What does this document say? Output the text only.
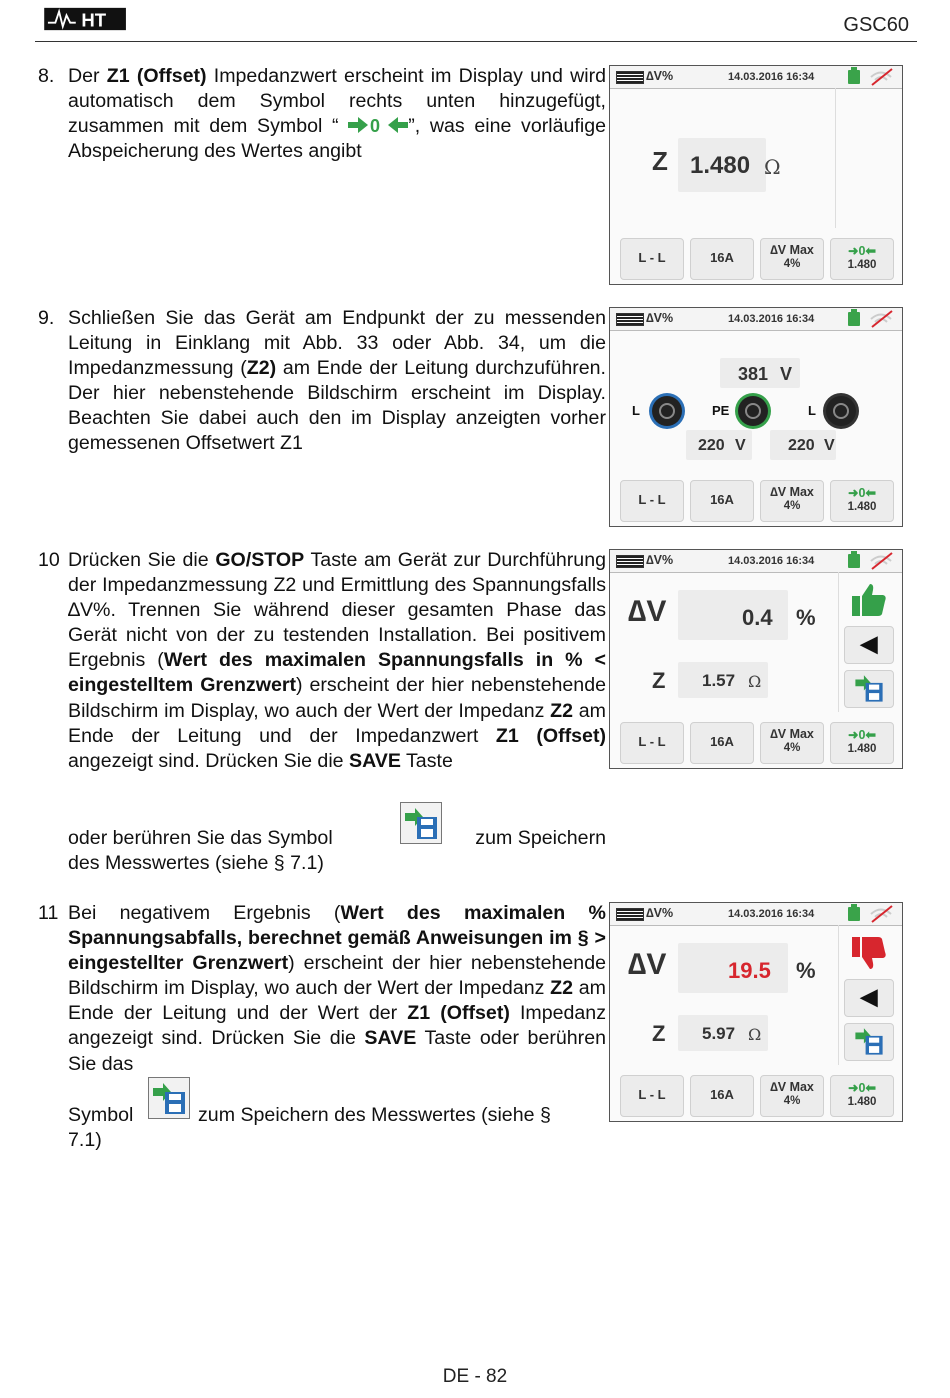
HT	GSC60
8. Der Z1 (Offset) Impedanzwert erscheint im Display und wird automatisch dem Symbol rechts unten hinzugefügt, zusammen mit dem Symbol “ 0 ”, was eine vorläufige Abspeicherung des Wertes angibt

∆V%	14.03.2016 16:34
Z 1.480 Ω
L - L	16A	∆V Max
4%
➜0⬅
1.480
9. Schließen Sie das Gerät am Endpunkt der zu messenden Leitung in Einklang mit Abb. 33 oder Abb. 34, um die Impedanzmessung (Z2) am Ende der Leitung durchzuführen. Der hier nebenstehende Bildschirm erscheint im Display. Beachten Sie dabei auch den im Display anzeigten vorher gemessenen Offsetwert Z1

∆V%	14.03.2016 16:34
381 V
L	PE	L
220 V	220 V
L - L	16A	∆V Max
4%
➜0⬅
1.480
10 Drücken Sie die GO/STOP Taste am Gerät zur Durchführung der Impedanzmessung Z2 und Ermittlung des Spannungsfalls ∆V%. Trennen Sie während dieser gesamten Phase das Gerät nicht von der zu testenden Installation. Bei positivem Ergebnis (Wert des maximalen Spannungsfalls in % < eingestelltem Grenzwert) erscheint der hier nebenstehende Bildschirm im Display, wo auch der Wert der Impedanz Z2 am Ende der Leitung und der Impedanzwert Z1 (Offset) angezeigt sind. Drücken Sie die SAVE Taste

oder berühren Sie das Symbol	zum Speichern
des Messwertes (siehe § 7.1)
∆V%	14.03.2016 16:34
∆V	0.4 %
Z 1.57 Ω
◀
L - L	16A	∆V Max
4%
➜0⬅
1.480
11 Bei negativem Ergebnis (Wert des maximalen % Spannungsabfalls, berechnet gemäß Anweisungen im § > eingestellter Grenzwert) erscheint der hier nebenstehende Bildschirm im Display, wo auch der Wert der Impedanz Z2 am Ende der Leitung und der Wert der Z1 (Offset) Impedanz angezeigt sind. Drücken Sie die SAVE Taste oder berühren Sie das

Symbol	zum Speichern des Messwertes (siehe §
7.1)
∆V%	14.03.2016 16:34
∆V	19.5 %
Z 5.97 Ω
◀
L - L	16A	∆V Max
4%
➜0⬅
1.480
DE - 82
